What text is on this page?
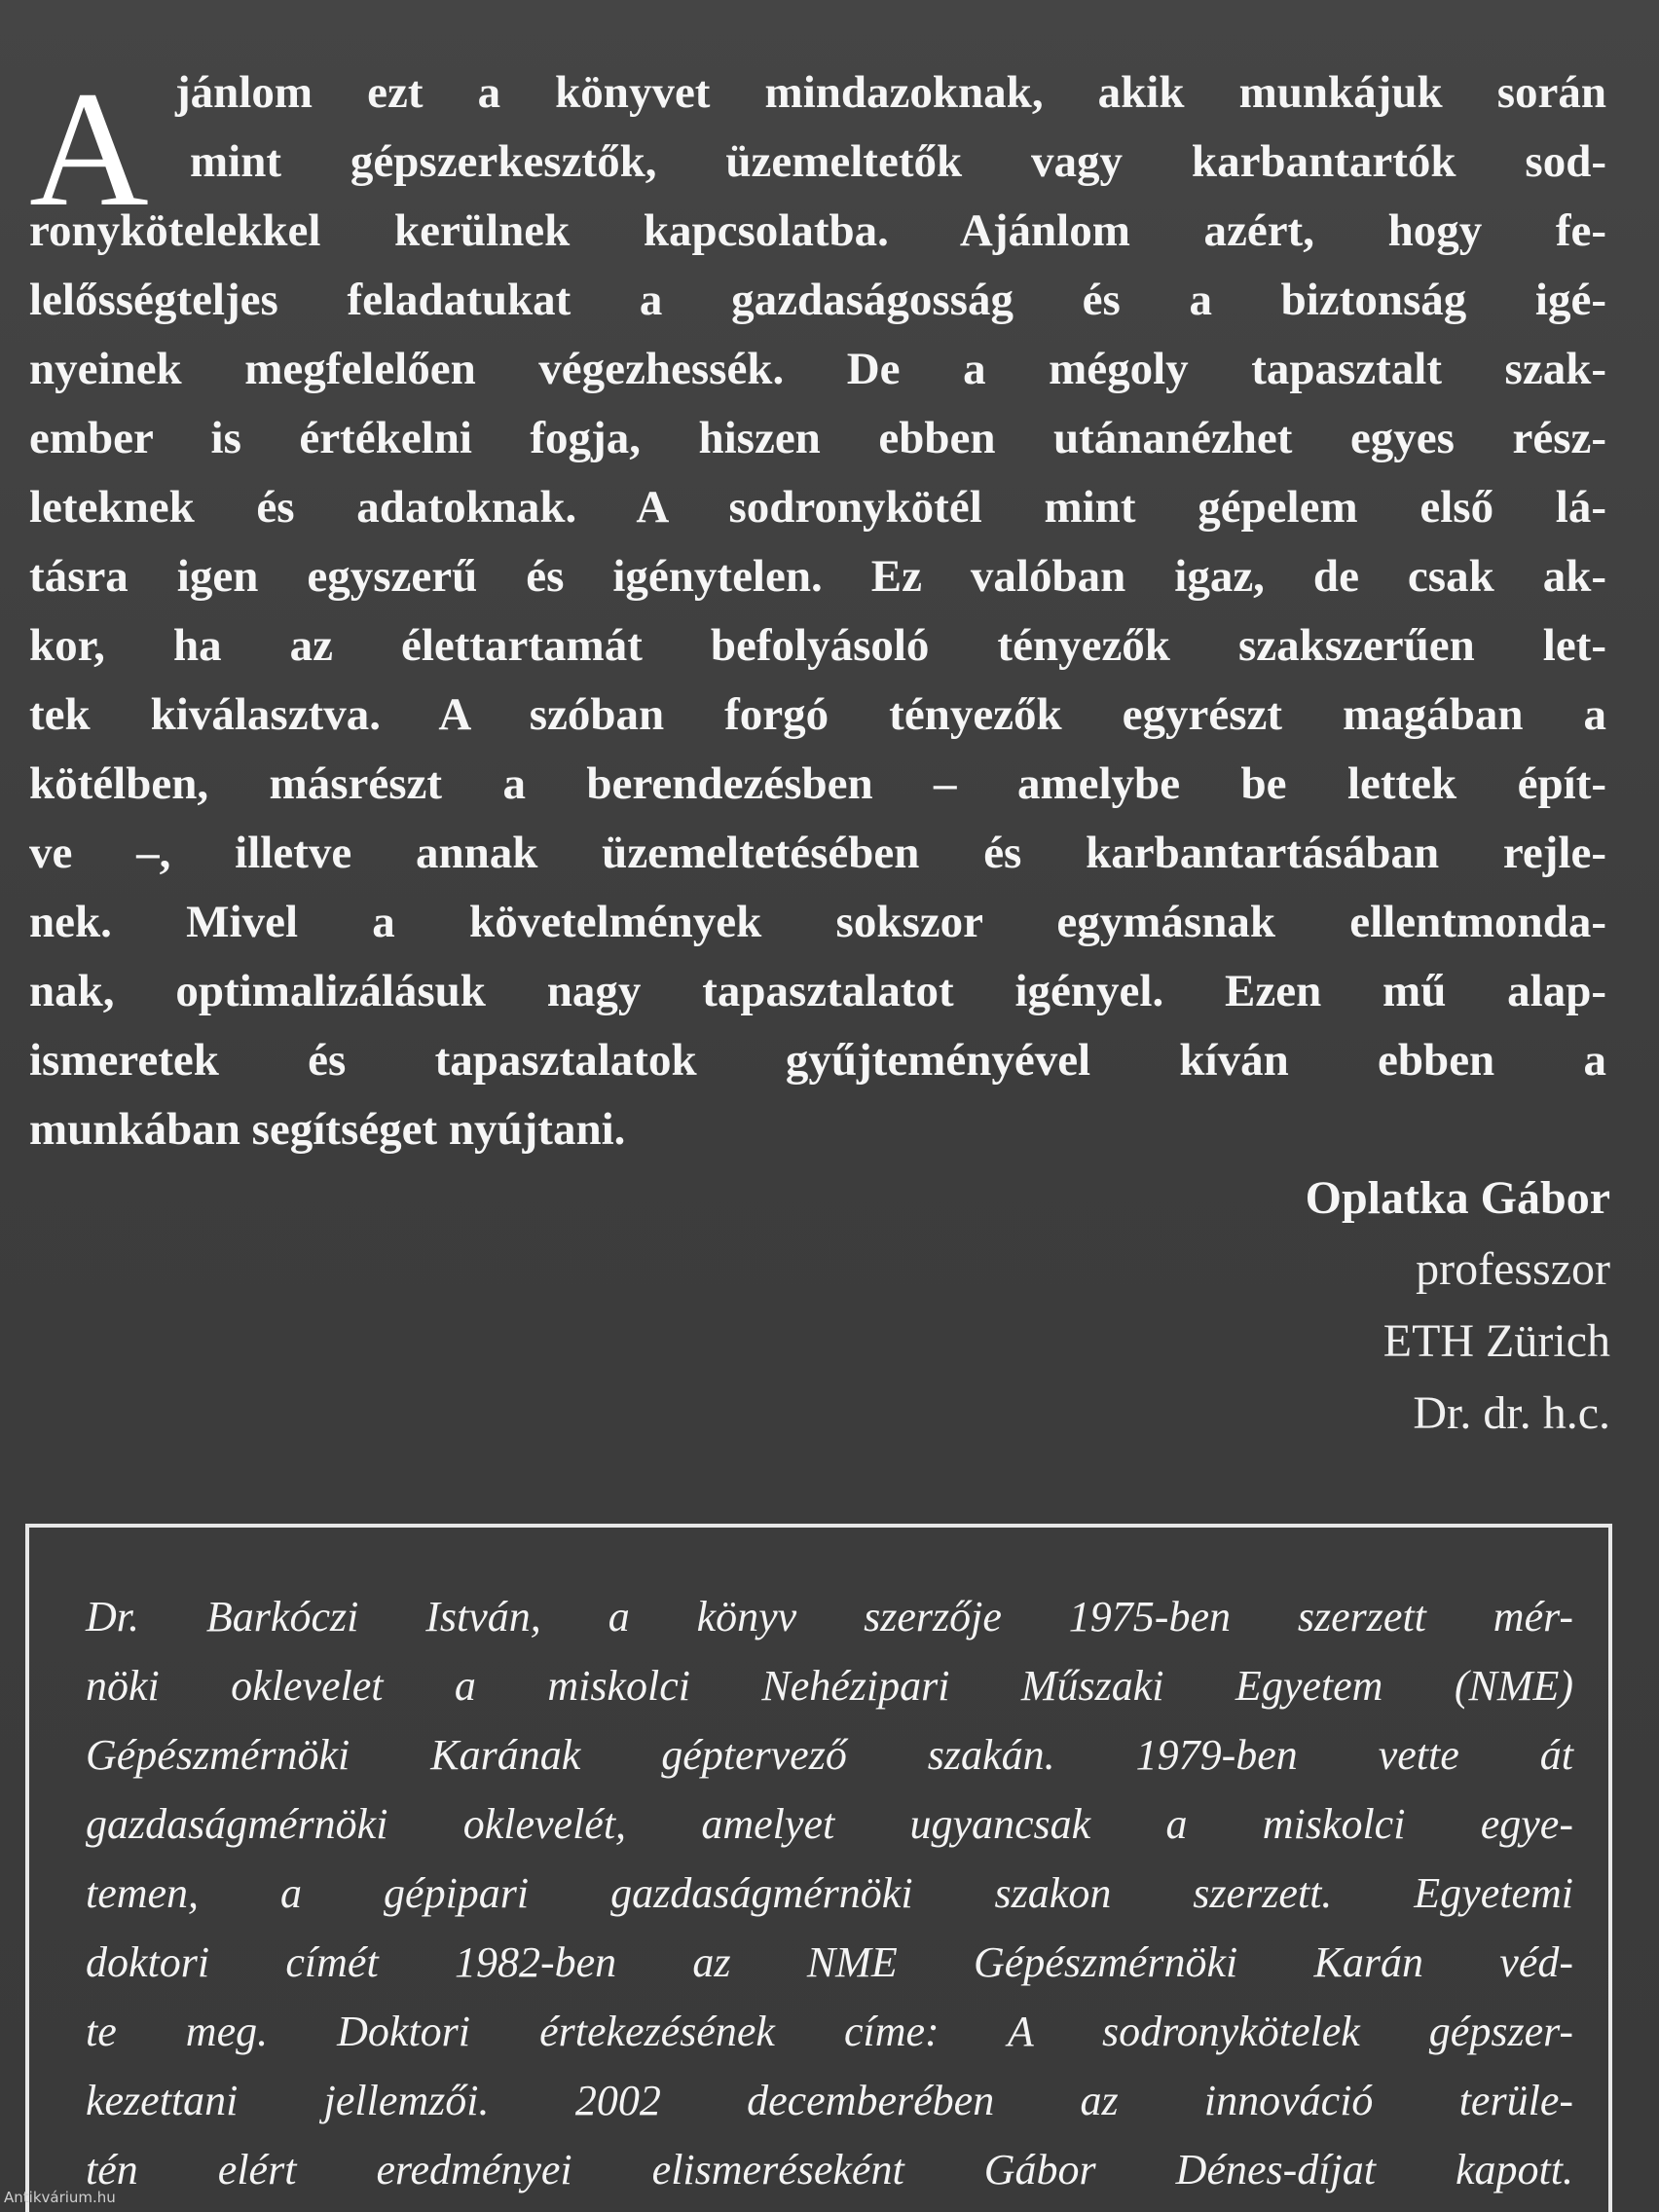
A jánlom ezt a könyvet mindazoknak, akik munkájuk során
mint gépszerkesztők, üzemeltetők vagy karbantartók sod-
ronykötelekkel kerülnek kapcsolatba. Ajánlom azért, hogy fe-
lelősségteljes feladatukat a gazdaságosság és a biztonság igé-
nyeinek megfelelően végezhessék. De a mégoly tapasztalt szak-
ember is értékelni fogja, hiszen ebben utánanézhet egyes rész-
leteknek és adatoknak. A sodronykötél mint gépelem első lá-
tásra igen egyszerű és igénytelen. Ez valóban igaz, de csak ak-
kor, ha az élettartamát befolyásoló tényezők szakszerűen let-
tek kiválasztva. A szóban forgó tényezők egyrészt magában a
kötélben, másrészt a berendezésben – amelybe be lettek épít-
ve –, illetve annak üzemeltetésében és karbantartásában rejle-
nek. Mivel a követelmények sokszor egymásnak ellentmonda-
nak, optimalizálásuk nagy tapasztalatot igényel. Ezen mű alap-
ismeretek és tapasztalatok gyűjteményével kíván ebben a
munkában segítséget nyújtani.
Oplatka Gábor
professzor
ETH Zürich
Dr. dr. h.c.
Dr. Barkóczi István, a könyv szerzője 1975-ben szerzett mér-
nöki oklevelet a miskolci Nehézipari Műszaki Egyetem (NME)
Gépészmérnöki Karának géptervező szakán. 1979-ben vette át
gazdaságmérnöki oklevelét, amelyet ugyancsak a miskolci egye-
temen, a gépipari gazdaságmérnöki szakon szerzett. Egyetemi
doktori címét 1982-ben az NME Gépészmérnöki Karán véd-
te meg. Doktori értekezésének címe: A sodronykötelek gépszer-
kezettani jellemzői. 2002 decemberében az innováció terüle-
tén elért eredményei elismeréseként Gábor Dénes-díjat kapott.
Antikvárium.hu
